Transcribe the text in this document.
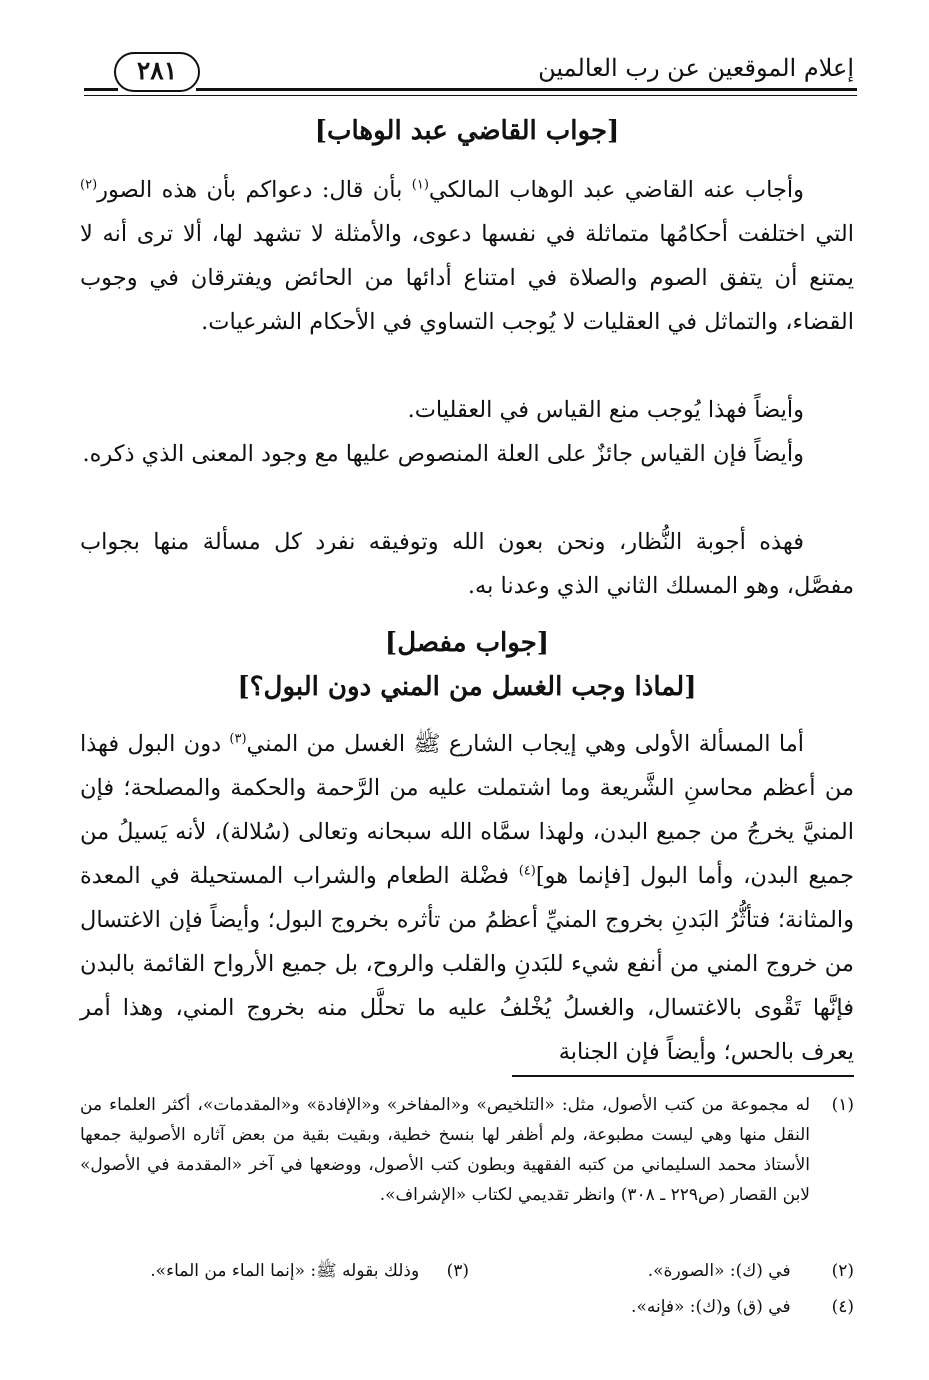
إعلام الموقعين عن رب العالمين
٢٨١
[جواب القاضي عبد الوهاب]
وأجاب عنه القاضي عبد الوهاب المالكي$^{(١)}$ بأن قال: دعواكم بأن هذه الصور$^{(٢)}$ التي اختلفت أحكامُها متماثلة في نفسها دعوى، والأمثلة لا تشهد لها، ألا ترى أنه لا يمتنع أن يتفق الصوم والصلاة في امتناع أدائها من الحائض ويفترقان في وجوب القضاء، والتماثل في العقليات لا يُوجب التساوي في الأحكام الشرعيات.
وأيضاً فهذا يُوجب منع القياس في العقليات.
وأيضاً فإن القياس جائزٌ على العلة المنصوص عليها مع وجود المعنى الذي ذكره.
فهذه أجوبة النُّظار، ونحن بعون الله وتوفيقه نفرد كل مسألة منها بجواب مفصَّل، وهو المسلك الثاني الذي وعدنا به.
[جواب مفصل]
[لماذا وجب الغسل من المني دون البول؟]
أما المسألة الأولى وهي إيجاب الشارع ﷺ الغسل من المني$^{(٣)}$ دون البول فهذا من أعظم محاسنِ الشَّريعة وما اشتملت عليه من الرَّحمة والحكمة والمصلحة؛ فإن المنيَّ يخرجُ من جميع البدن، ولهذا سمَّاه الله سبحانه وتعالى (سُلالة)، لأنه يَسيلُ من جميع البدن، وأما البول [فإنما هو]$^{(٤)}$ فضْلة الطعام والشراب المستحيلة في المعدة والمثانة؛ فتأثُّرُ البَدنِ بخروج المنيِّ أعظمُ من تأثره بخروج البول؛ وأيضاً فإن الاغتسال من خروج المني من أنفع شيء للبَدنِ والقلب والروح، بل جميع الأرواح القائمة بالبدن فإنَّها تَقْوى بالاغتسال، والغسلُ يُخْلفُ عليه ما تحلَّل منه بخروج المني، وهذا أمر يعرف بالحس؛ وأيضاً فإن الجنابة
(١)
له مجموعة من كتب الأصول، مثل: «التلخيص» و«المفاخر» و«الإفادة» و«المقدمات»، أكثر العلماء من النقل منها وهي ليست مطبوعة، ولم أظفر لها بنسخ خطية، وبقيت بقية من بعض آثاره الأصولية جمعها الأستاذ محمد السليماني من كتبه الفقهية وبطون كتب الأصول، ووضعها في آخر «المقدمة في الأصول» لابن القصار (ص٢٢٩ ـ ٣٠٨) وانظر تقديمي لكتاب «الإشراف».
(٢) في (ك): «الصورة».
(٣) وذلك بقوله ﷺ: «إنما الماء من الماء».
(٤) في (ق) و(ك): «فإنه».
